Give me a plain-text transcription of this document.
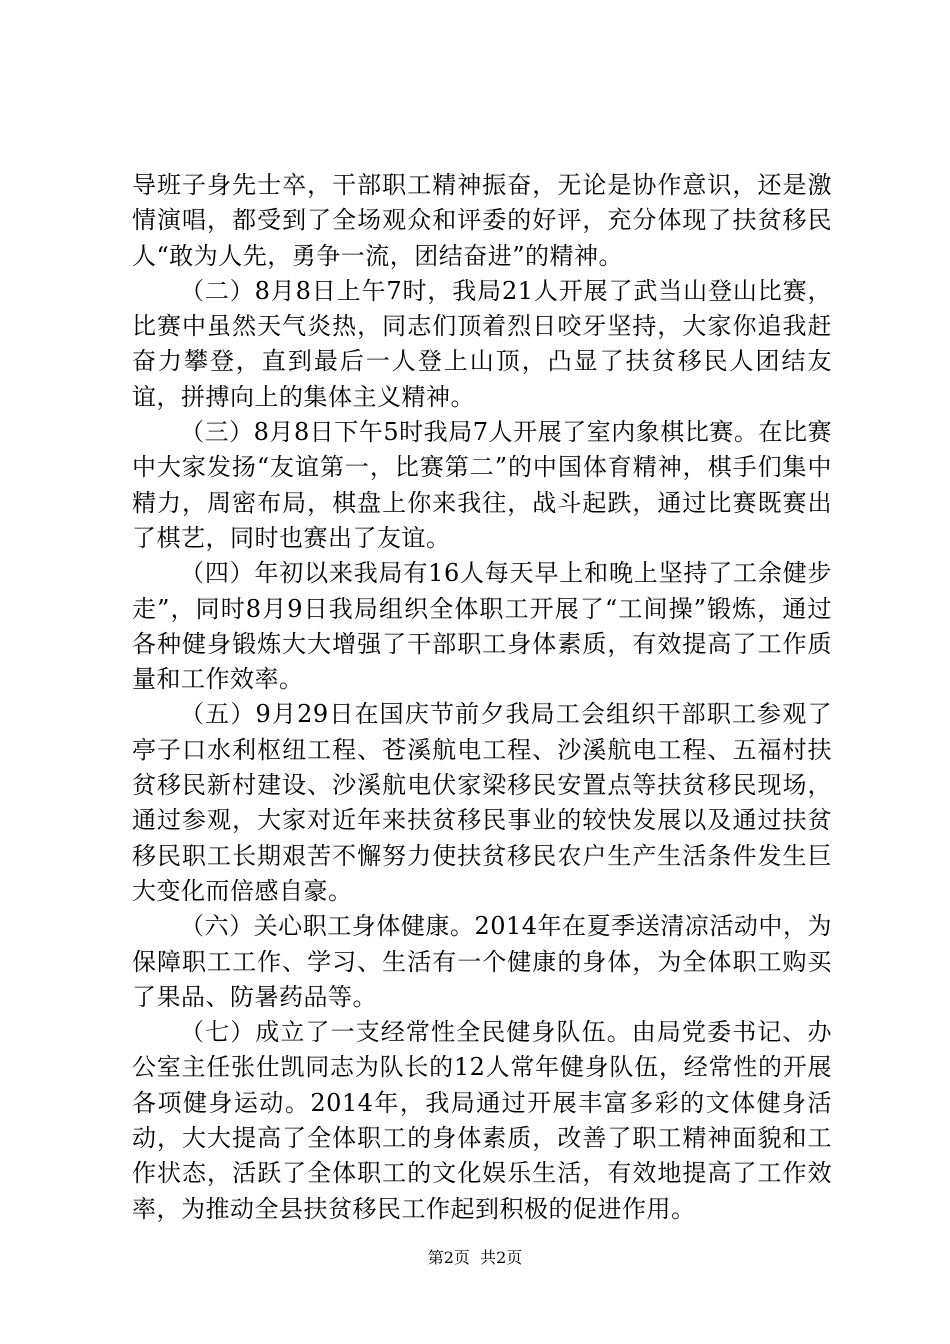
导班子身先士卒，干部职工精神振奋，无论是协作意识，还是激情演唱，都受到了全场观众和评委的好评，充分体现了扶贫移民人“敢为人先，勇争一流，团结奋进”的精神。

（二）8月8日上午7时，我局21人开展了武当山登山比赛，比赛中虽然天气炎热，同志们顶着烈日咬牙坚持，大家你追我赶奋力攀登，直到最后一人登上山顶，凸显了扶贫移民人团结友谊，拼搏向上的集体主义精神。

（三）8月8日下午5时我局7人开展了室内象棋比赛。在比赛中大家发扬“友谊第一，比赛第二”的中国体育精神，棋手们集中精力，周密布局，棋盘上你来我往，战斗起跌，通过比赛既赛出了棋艺，同时也赛出了友谊。

（四）年初以来我局有16人每天早上和晚上坚持了工余健步走”，同时8月9日我局组织全体职工开展了“工间操”锻炼，通过各种健身锻炼大大增强了干部职工身体素质，有效提高了工作质量和工作效率。

（五）9月29日在国庆节前夕我局工会组织干部职工参观了亭子口水利枢纽工程、苍溪航电工程、沙溪航电工程、五福村扶贫移民新村建设、沙溪航电伏家梁移民安置点等扶贫移民现场，通过参观，大家对近年来扶贫移民事业的较快发展以及通过扶贫移民职工长期艰苦不懈努力使扶贫移民农户生产生活条件发生巨大变化而倍感自豪。

（六）关心职工身体健康。2014年在夏季送清凉活动中，为保障职工工作、学习、生活有一个健康的身体，为全体职工购买了果品、防暑药品等。

（七）成立了一支经常性全民健身队伍。由局党委书记、办公室主任张仕凯同志为队长的12人常年健身队伍，经常性的开展各项健身运动。2014年，我局通过开展丰富多彩的文体健身活动，大大提高了全体职工的身体素质，改善了职工精神面貌和工作状态，活跃了全体职工的文化娱乐生活，有效地提高了工作效率，为推动全县扶贫移民工作起到积极的促进作用。

第2页  共2页
